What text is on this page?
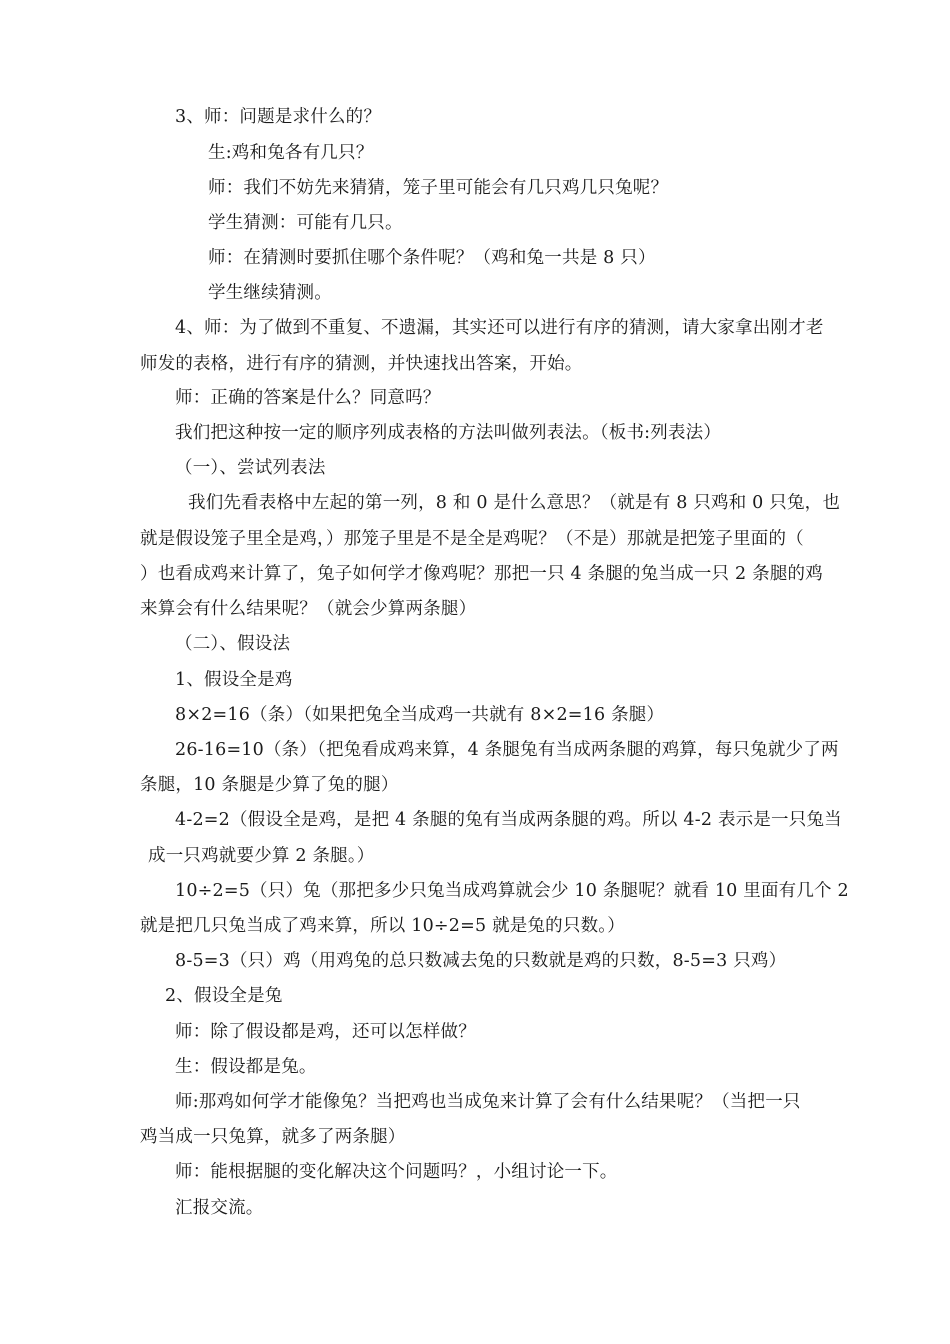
3、师：问题是求什么的？
生:鸡和兔各有几只？
师：我们不妨先来猜猜，笼子里可能会有几只鸡几只兔呢？
学生猜测：可能有几只。
师：在猜测时要抓住哪个条件呢？（鸡和兔一共是 8 只）
学生继续猜测。
4、师：为了做到不重复、不遗漏，其实还可以进行有序的猜测，请大家拿出刚才老
师发的表格，进行有序的猜测，并快速找出答案，开始。
师：正确的答案是什么？同意吗？
我们把这种按一定的顺序列成表格的方法叫做列表法。（板书:列表法）
（一）、尝试列表法
我们先看表格中左起的第一列，8 和 0 是什么意思？（就是有 8 只鸡和 0 只兔，也
就是假设笼子里全是鸡，）那笼子里是不是全是鸡呢？（不是）那就是把笼子里面的（
）也看成鸡来计算了，兔子如何学才像鸡呢？那把一只 4 条腿的兔当成一只 2 条腿的鸡
来算会有什么结果呢？（就会少算两条腿）
（二）、假设法
1、假设全是鸡
8×2=16（条）（如果把兔全当成鸡一共就有 8×2=16 条腿）
26-16=10（条）（把兔看成鸡来算，4 条腿兔有当成两条腿的鸡算，每只兔就少了两
条腿，10 条腿是少算了兔的腿）
4-2=2（假设全是鸡，是把 4 条腿的兔有当成两条腿的鸡。所以 4-2 表示是一只兔当
成一只鸡就要少算 2 条腿。）
10÷2=5（只）兔（那把多少只兔当成鸡算就会少 10 条腿呢？就看 10 里面有几个 2
就是把几只兔当成了鸡来算，所以 10÷2=5 就是兔的只数。）
8-5=3（只）鸡（用鸡兔的总只数减去兔的只数就是鸡的只数，8-5=3 只鸡）
2、假设全是兔
师：除了假设都是鸡，还可以怎样做？
生：假设都是兔。
师:那鸡如何学才能像兔？当把鸡也当成兔来计算了会有什么结果呢？（当把一只
鸡当成一只兔算，就多了两条腿）
师：能根据腿的变化解决这个问题吗？，小组讨论一下。
汇报交流。
